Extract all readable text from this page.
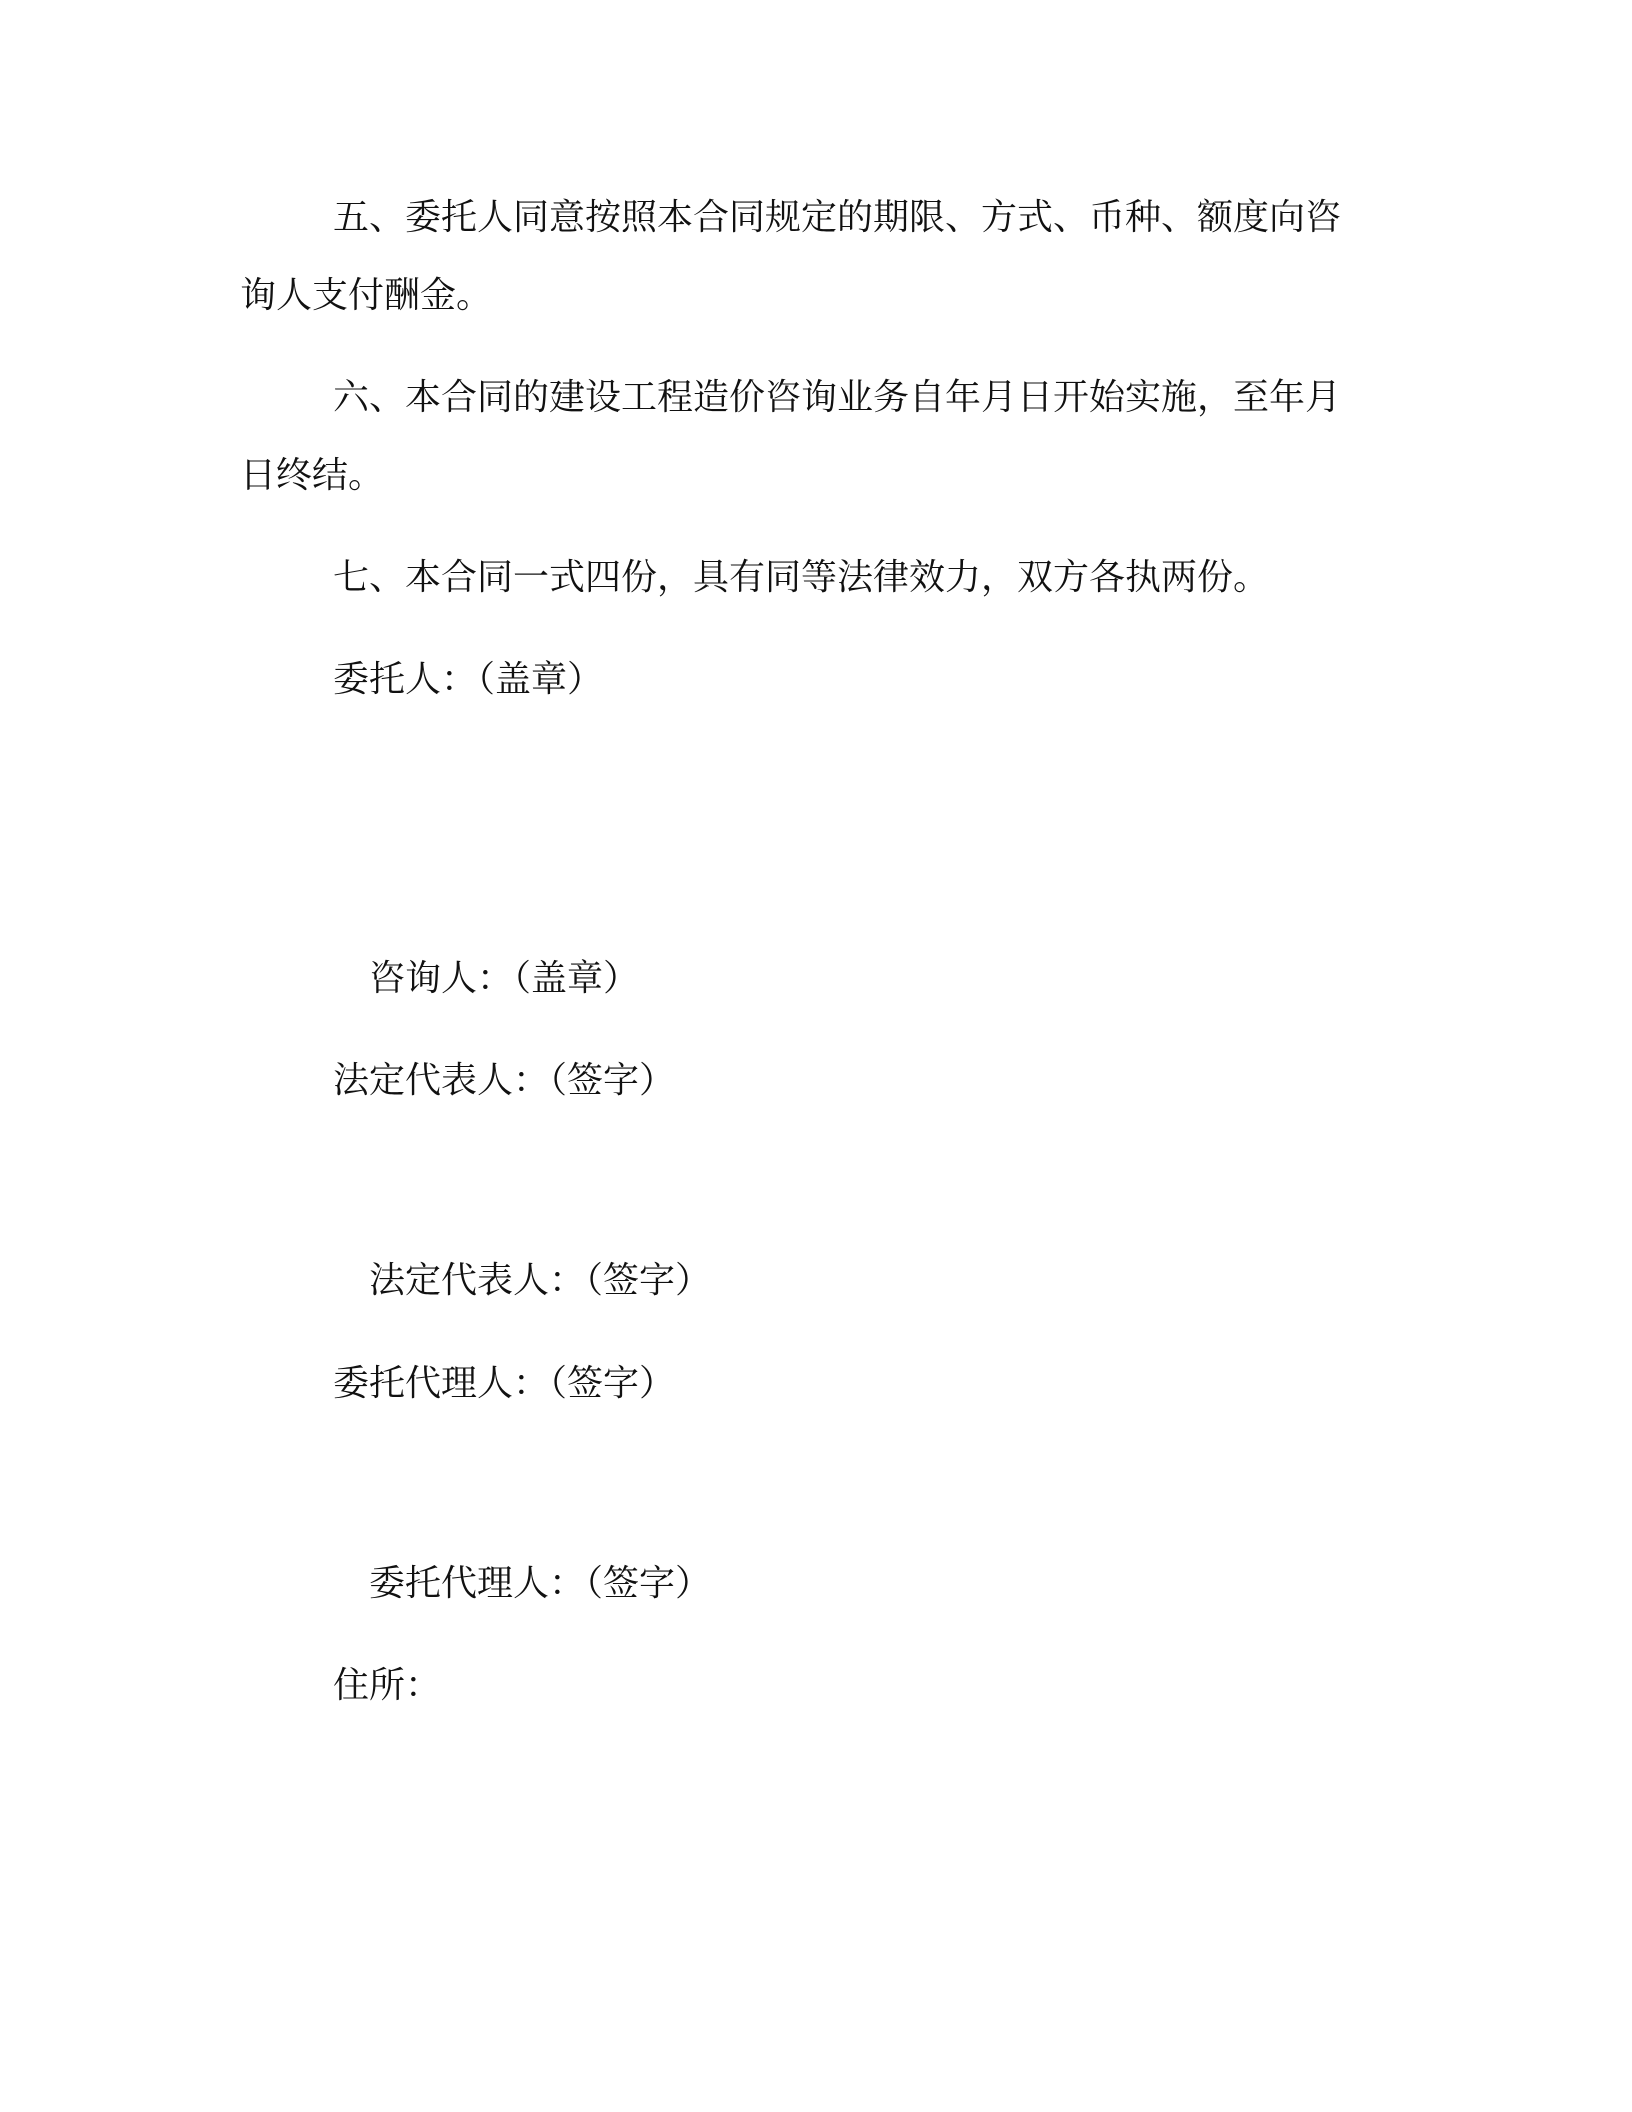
五、委托人同意按照本合同规定的期限、方式、币种、额度向咨
询人支付酬金。
六、本合同的建设工程造价咨询业务自年月日开始实施，至年月
日终结。
七、本合同一式四份，具有同等法律效力，双方各执两份。
委托人：（盖章）
咨询人：（盖章）
法定代表人：（签字）
法定代表人：（签字）
委托代理人：（签字）
委托代理人：（签字）
住所：
